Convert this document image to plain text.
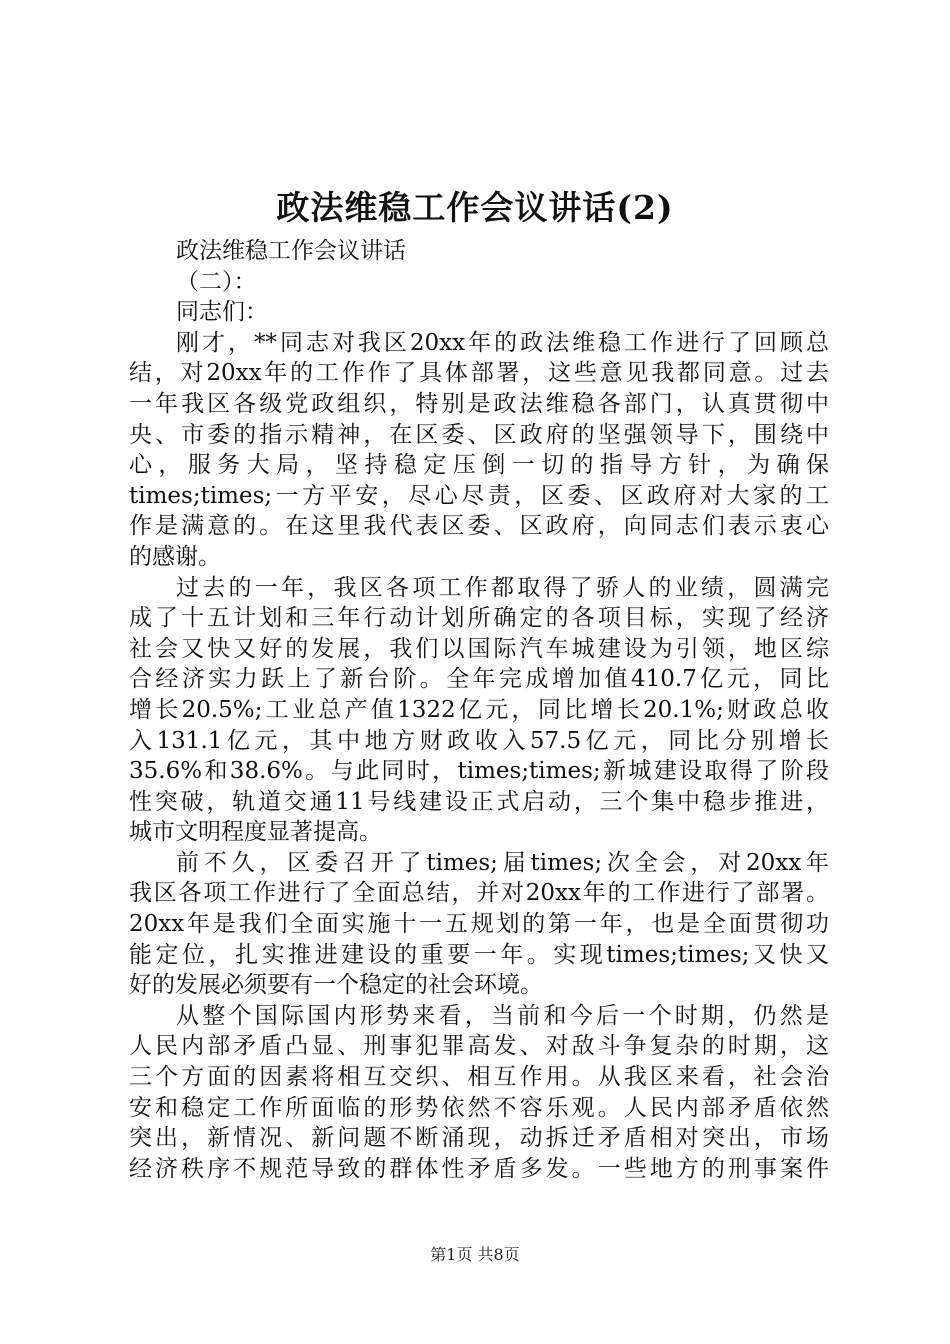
政法维稳工作会议讲话(2)
政法维稳工作会议讲话
（二）：
同志们：
刚才，**同志对我区20xx年的政法维稳工作进行了回顾总
结，对20xx年的工作作了具体部署，这些意见我都同意。过去
一年我区各级党政组织，特别是政法维稳各部门，认真贯彻中
央、市委的指示精神，在区委、区政府的坚强领导下，围绕中
心，服务大局，坚持稳定压倒一切的指导方针，为确保
times;times;一方平安，尽心尽责，区委、区政府对大家的工
作是满意的。在这里我代表区委、区政府，向同志们表示衷心
的感谢。
过去的一年，我区各项工作都取得了骄人的业绩，圆满完
成了十五计划和三年行动计划所确定的各项目标，实现了经济
社会又快又好的发展，我们以国际汽车城建设为引领，地区综
合经济实力跃上了新台阶。全年完成增加值410.7亿元，同比
增长20.5%;工业总产值1322亿元，同比增长20.1%;财政总收
入131.1亿元，其中地方财政收入57.5亿元，同比分别增长
35.6%和38.6%。与此同时，times;times;新城建设取得了阶段
性突破，轨道交通11号线建设正式启动，三个集中稳步推进，
城市文明程度显著提高。
前不久，区委召开了times;届times;次全会，对20xx年
我区各项工作进行了全面总结，并对20xx年的工作进行了部署。
20xx年是我们全面实施十一五规划的第一年，也是全面贯彻功
能定位，扎实推进建设的重要一年。实现times;times;又快又
好的发展必须要有一个稳定的社会环境。
从整个国际国内形势来看，当前和今后一个时期，仍然是
人民内部矛盾凸显、刑事犯罪高发、对敌斗争复杂的时期，这
三个方面的因素将相互交织、相互作用。从我区来看，社会治
安和稳定工作所面临的形势依然不容乐观。人民内部矛盾依然
突出，新情况、新问题不断涌现，动拆迁矛盾相对突出，市场
经济秩序不规范导致的群体性矛盾多发。一些地方的刑事案件
第1页 共8页
